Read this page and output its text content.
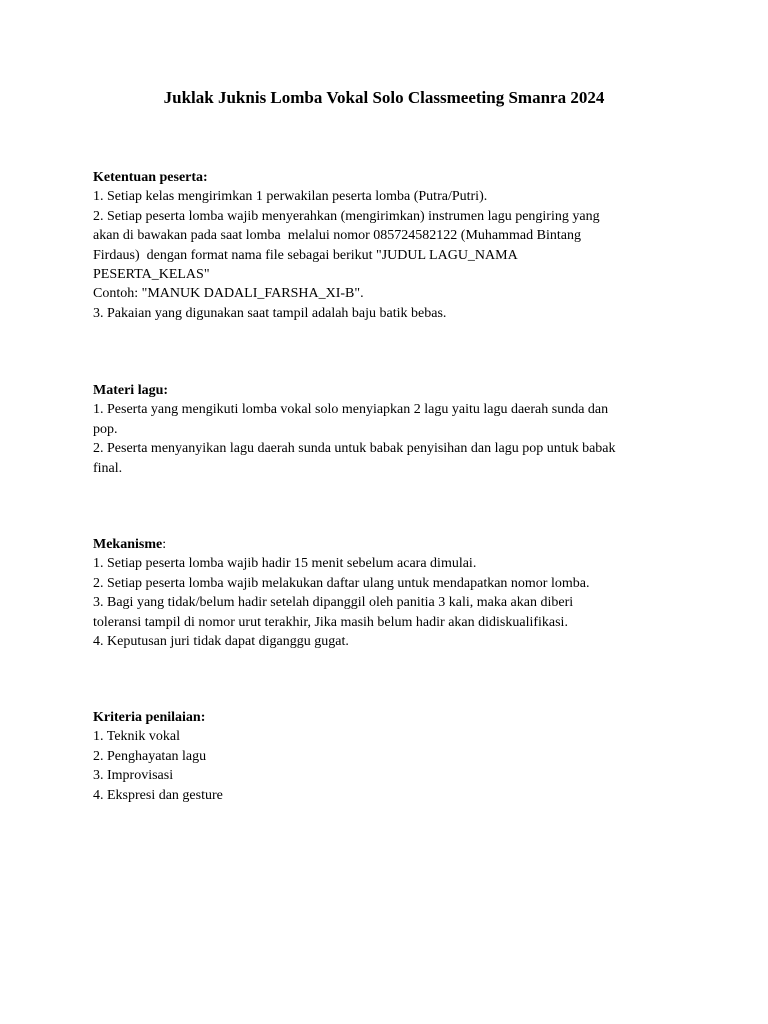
Juklak Juknis Lomba Vokal Solo Classmeeting Smanra 2024
Ketentuan peserta:
1. Setiap kelas mengirimkan 1 perwakilan peserta lomba (Putra/Putri).
2. Setiap peserta lomba wajib menyerahkan (mengirimkan) instrumen lagu pengiring yang
akan di bawakan pada saat lomba  melalui nomor 085724582122 (Muhammad Bintang
Firdaus)  dengan format nama file sebagai berikut "JUDUL LAGU_NAMA
PESERTA_KELAS"
Contoh: "MANUK DADALI_FARSHA_XI-B".
3. Pakaian yang digunakan saat tampil adalah baju batik bebas.
Materi lagu:
1. Peserta yang mengikuti lomba vokal solo menyiapkan 2 lagu yaitu lagu daerah sunda dan
pop.
2. Peserta menyanyikan lagu daerah sunda untuk babak penyisihan dan lagu pop untuk babak
final.
Mekanisme:
1. Setiap peserta lomba wajib hadir 15 menit sebelum acara dimulai.
2. Setiap peserta lomba wajib melakukan daftar ulang untuk mendapatkan nomor lomba.
3. Bagi yang tidak/belum hadir setelah dipanggil oleh panitia 3 kali, maka akan diberi
toleransi tampil di nomor urut terakhir, Jika masih belum hadir akan didiskualifikasi.
4. Keputusan juri tidak dapat diganggu gugat.
Kriteria penilaian:
1. Teknik vokal
2. Penghayatan lagu
3. Improvisasi
4. Ekspresi dan gesture
